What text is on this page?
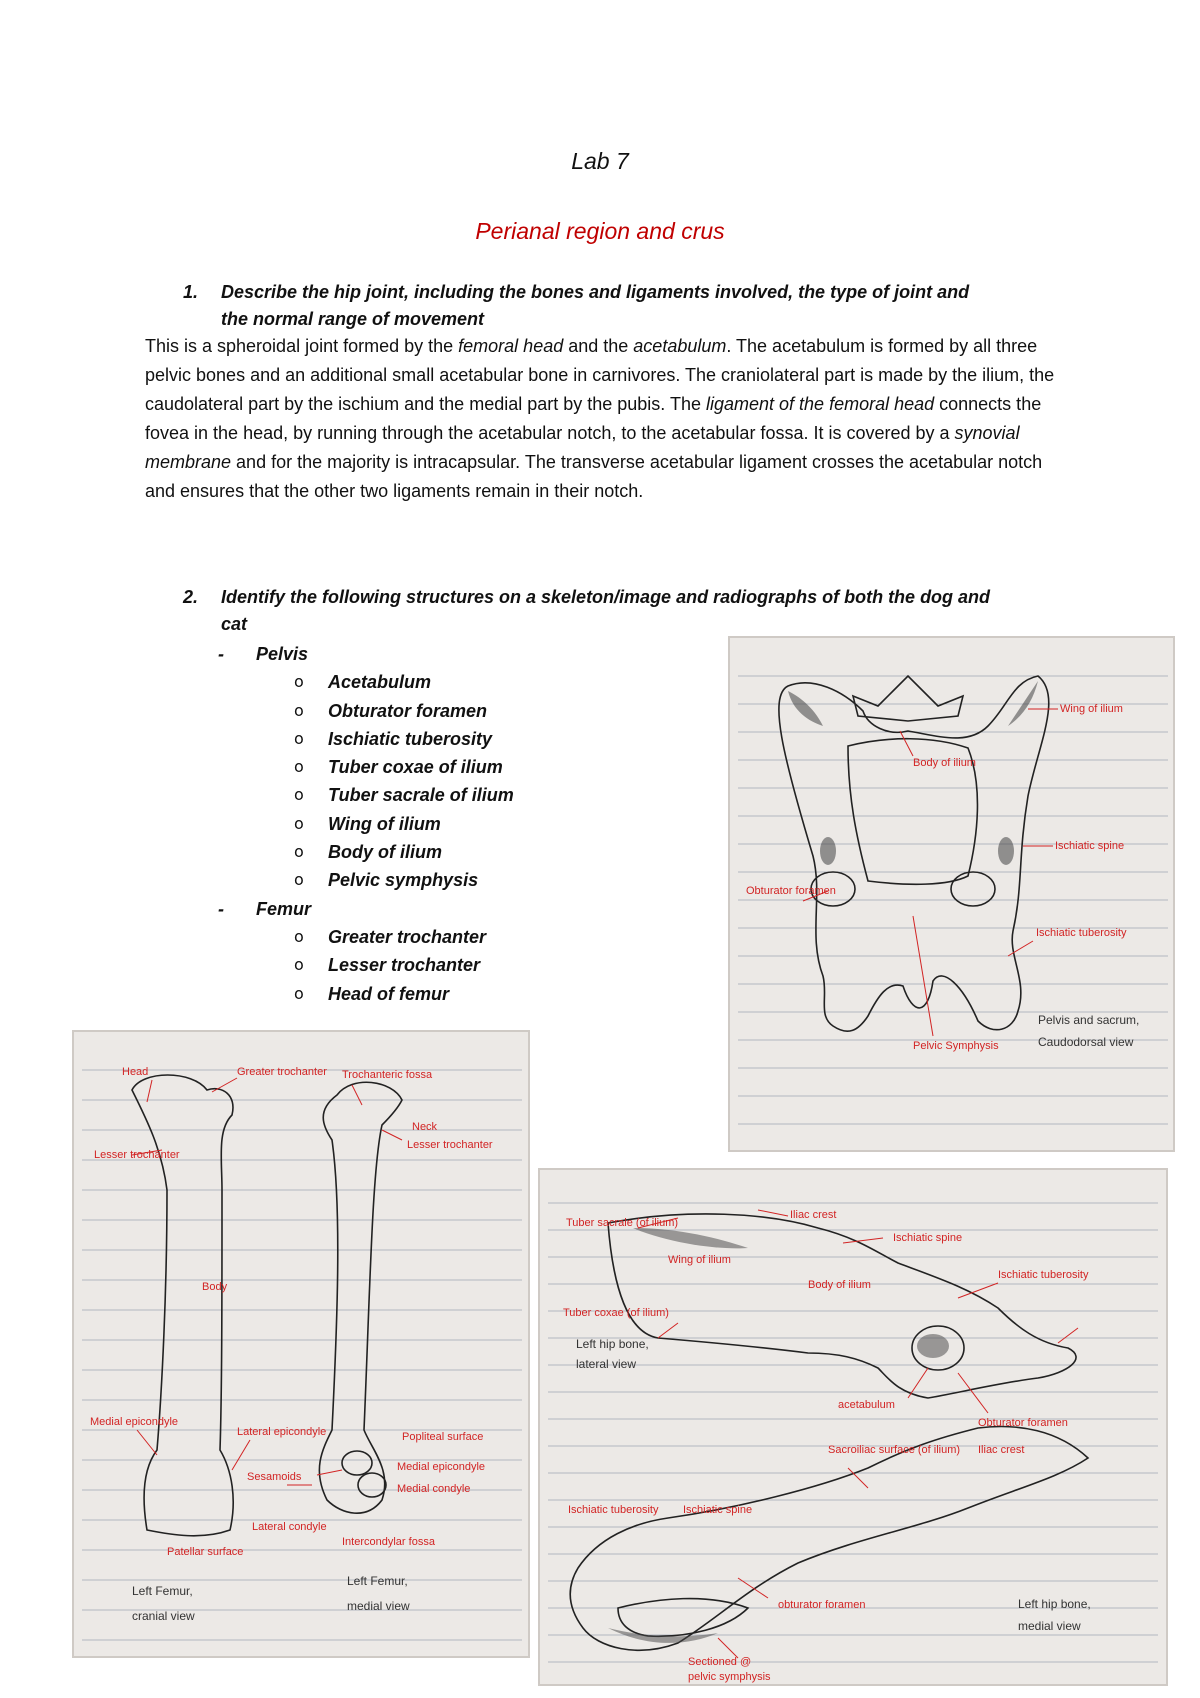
Lab 7
Perianal region and crus
1. Describe the hip joint, including the bones and ligaments involved, the type of joint and
the normal range of movement
This is a spheroidal joint formed by the femoral head and the acetabulum. The acetabulum is formed by all three pelvic bones and an additional small acetabular bone in carnivores. The craniolateral part is made by the ilium, the caudolateral part by the ischium and the medial part by the pubis. The ligament of the femoral head connects the fovea in the head, by running through the acetabular notch, to the acetabular fossa. It is covered by a synovial membrane and for the majority is intracapsular. The transverse acetabular ligament crosses the acetabular notch and ensures that the other two ligaments remain in their notch.
2. Identify the following structures on a skeleton/image and radiographs of both the dog and
cat
- Pelvis
o Acetabulum
o Obturator foramen
o Ischiatic tuberosity
o Tuber coxae of ilium
o Tuber sacrale of ilium
o Wing of ilium
o Body of ilium
o Pelvic symphysis
- Femur
o Greater trochanter
o Lesser trochanter
o Head of femur
Wing of ilium
Body of ilium
Ischiatic spine
Obturator foramen
Ischiatic tuberosity
Pelvic Symphysis
Pelvis and sacrum,
Caudodorsal view
Head	Greater trochanter Trochanteric fossa
Neck
Lesser trochanter
Lesser trochanter
Body
Medial epicondyle
Lateral epicondyle	Popliteal surface
Sesamoids
Medial epicondyle
Medial condyle
Lateral condyle
Patellar surface
Intercondylar fossa
Left Femur,
cranial view
Left Femur,
medial view
Tuber sacrale (of ilium)
Iliac crest
Wing of ilium
Ischiatic spine
Ischiatic tuberosity
Body of ilium
Tuber coxae (of ilium)
acetabulum
Obturator foramen
Left hip bone,
lateral view
Sacroiliac surface (of ilium) Iliac crest
Ischiatic tuberosity Ischiatic spine
obturator foramen
Sectioned @
pelvic symphysis
Left hip bone,
medial view
